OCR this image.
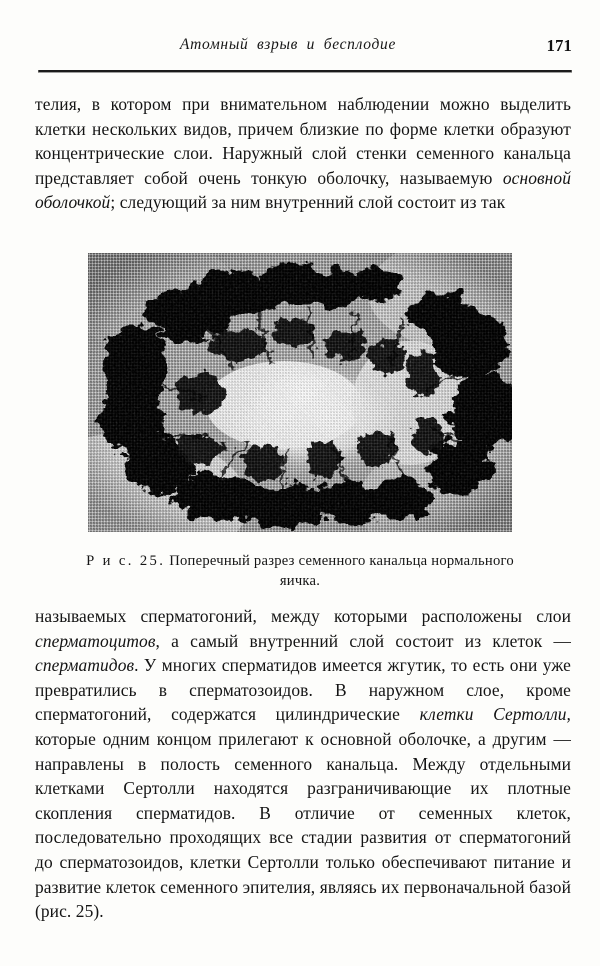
Атомный взрыв и бесплодие	171

телия, в котором при внимательном наблюдении можно выделить клетки нескольких видов, причем близкие по форме клетки образуют концентрические слои. Наружный слой стенки семенного канальца представляет собой очень тонкую оболочку, называемую основной оболочкой; следующий за ним внутренний слой состоит из так

Р и с. 25. Поперечный разрез семенного канальца нормального яичка.

называемых сперматогоний, между которыми расположены слои сперматоцитов, а самый внутренний слой состоит из клеток — сперматидов. У многих сперматидов имеется жгутик, то есть они уже превратились в сперматозоидов. В наружном слое, кроме сперматогоний, содержатся цилиндрические клетки Сертолли, которые одним концом прилегают к основной оболочке, а другим — направлены в полость семенного канальца. Между отдельными клетками Сертолли находятся разграничивающие их плотные скопления сперматидов. В отличие от семенных клеток, последовательно проходящих все стадии развития от сперматогоний до сперматозоидов, клетки Сертолли только обеспечивают питание и развитие клеток семенного эпителия, являясь их первоначальной базой (рис. 25).
